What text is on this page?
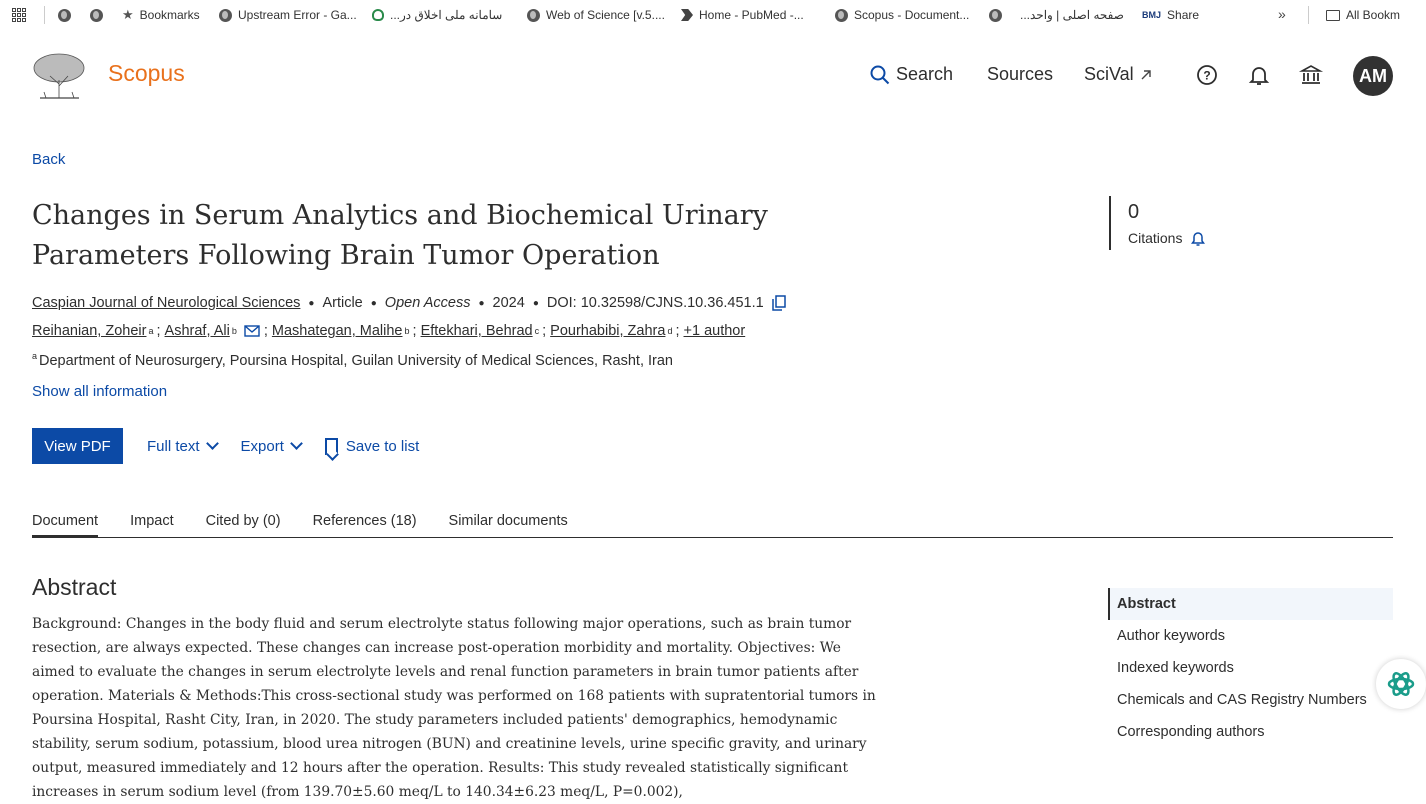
★ Bookmarks	Upstream Error - Ga...	سامانه ملی اخلاق در...	Web of Science [v.5....	Home - PubMed -...	Scopus - Document...	صفحه اصلی | واحد... BMJ Share	»	All Bookm
Scopus	Search Sources SciVal	?	AM
Back
Changes in Serum Analytics and Biochemical Urinary Parameters Following Brain Tumor Operation
0
Citations
Caspian Journal of Neurological Sciences ● Article ● Open Access ● 2024 ● DOI: 10.32598/CJNS.10.36.451.1
Reihanian, Zoheir a ; Ashraf, Ali b ; Mashategan, Malihe b ; Eftekhari, Behrad c ; Pourhabibi, Zahra d ; +1 author
$^a$ Department of Neurosurgery, Poursina Hospital, Guilan University of Medical Sciences, Rasht, Iran
Show all information
View PDF	Full text	Export	Save to list
Document Impact Cited by (0) References (18) Similar documents
Abstract

Background: Changes in the body fluid and serum electrolyte status following major operations, such as brain tumor resection, are always expected. These changes can increase post-operation morbidity and mortality. Objectives: We aimed to evaluate the changes in serum electrolyte levels and renal function parameters in brain tumor patients after operation. Materials & Methods:This cross-sectional study was performed on 168 patients with supratentorial tumors in Poursina Hospital, Rasht City, Iran, in 2020. The study parameters included patients' demographics, hemodynamic stability, serum sodium, potassium, blood urea nitrogen (BUN) and creatinine levels, urine specific gravity, and urinary output, measured immediately and 12 hours after the operation. Results: This study revealed statistically significant increases in serum sodium level (from 139.70±5.60 meq/L to 140.34±6.23 meq/L, P=0.002),

Abstract
Author keywords
Indexed keywords
Chemicals and CAS Registry Numbers
Corresponding authors
